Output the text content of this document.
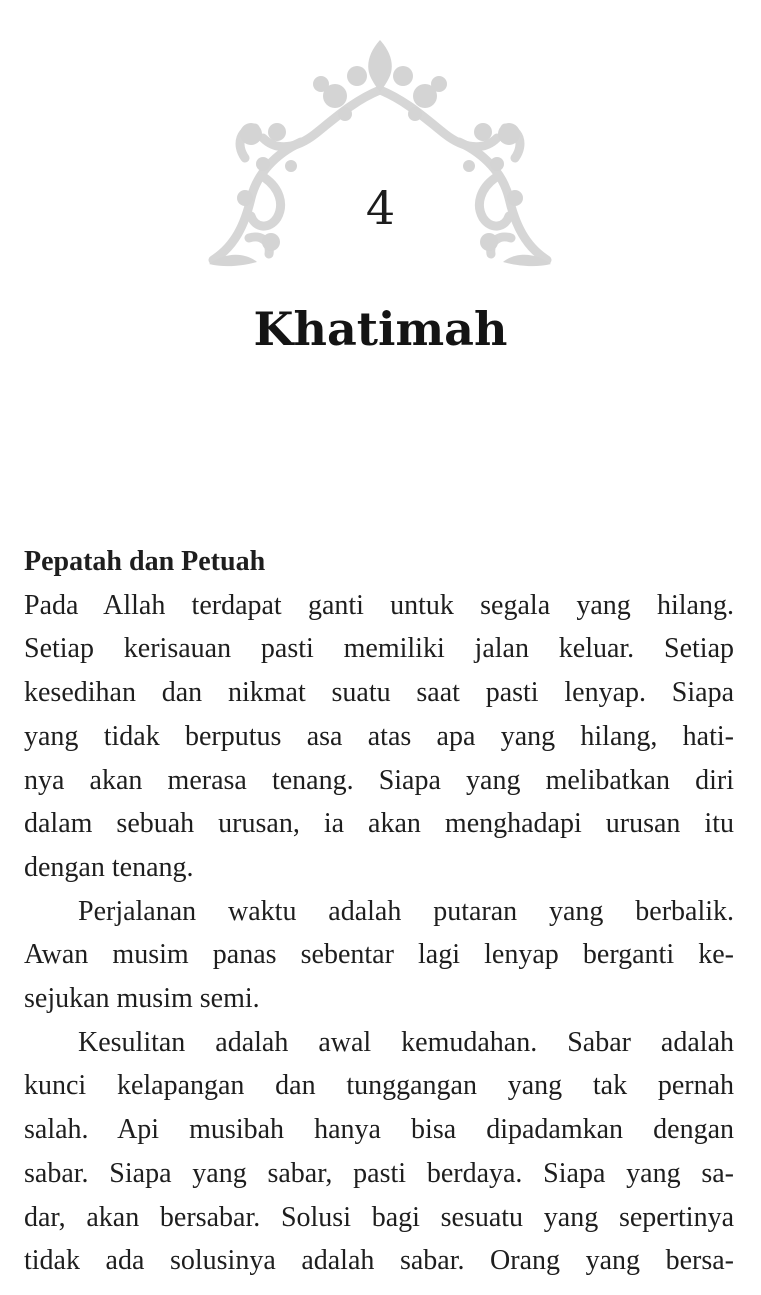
4
Khatimah
Pepatah dan Petuah

Pada Allah terdapat ganti untuk segala yang hilang.
Setiap kerisauan pasti memiliki jalan keluar. Setiap
kesedihan dan nikmat suatu saat pasti lenyap. Siapa
yang tidak berputus asa atas apa yang hilang, hati-
nya akan merasa tenang. Siapa yang melibatkan diri
dalam sebuah urusan, ia akan menghadapi urusan itu
dengan tenang.

Perjalanan waktu adalah putaran yang berbalik.
Awan musim panas sebentar lagi lenyap berganti ke-
sejukan musim semi.

Kesulitan adalah awal kemudahan. Sabar adalah
kunci kelapangan dan tunggangan yang tak pernah
salah. Api musibah hanya bisa dipadamkan dengan
sabar. Siapa yang sabar, pasti berdaya. Siapa yang sa-
dar, akan bersabar. Solusi bagi sesuatu yang sepertinya
tidak ada solusinya adalah sabar. Orang yang bersa-
